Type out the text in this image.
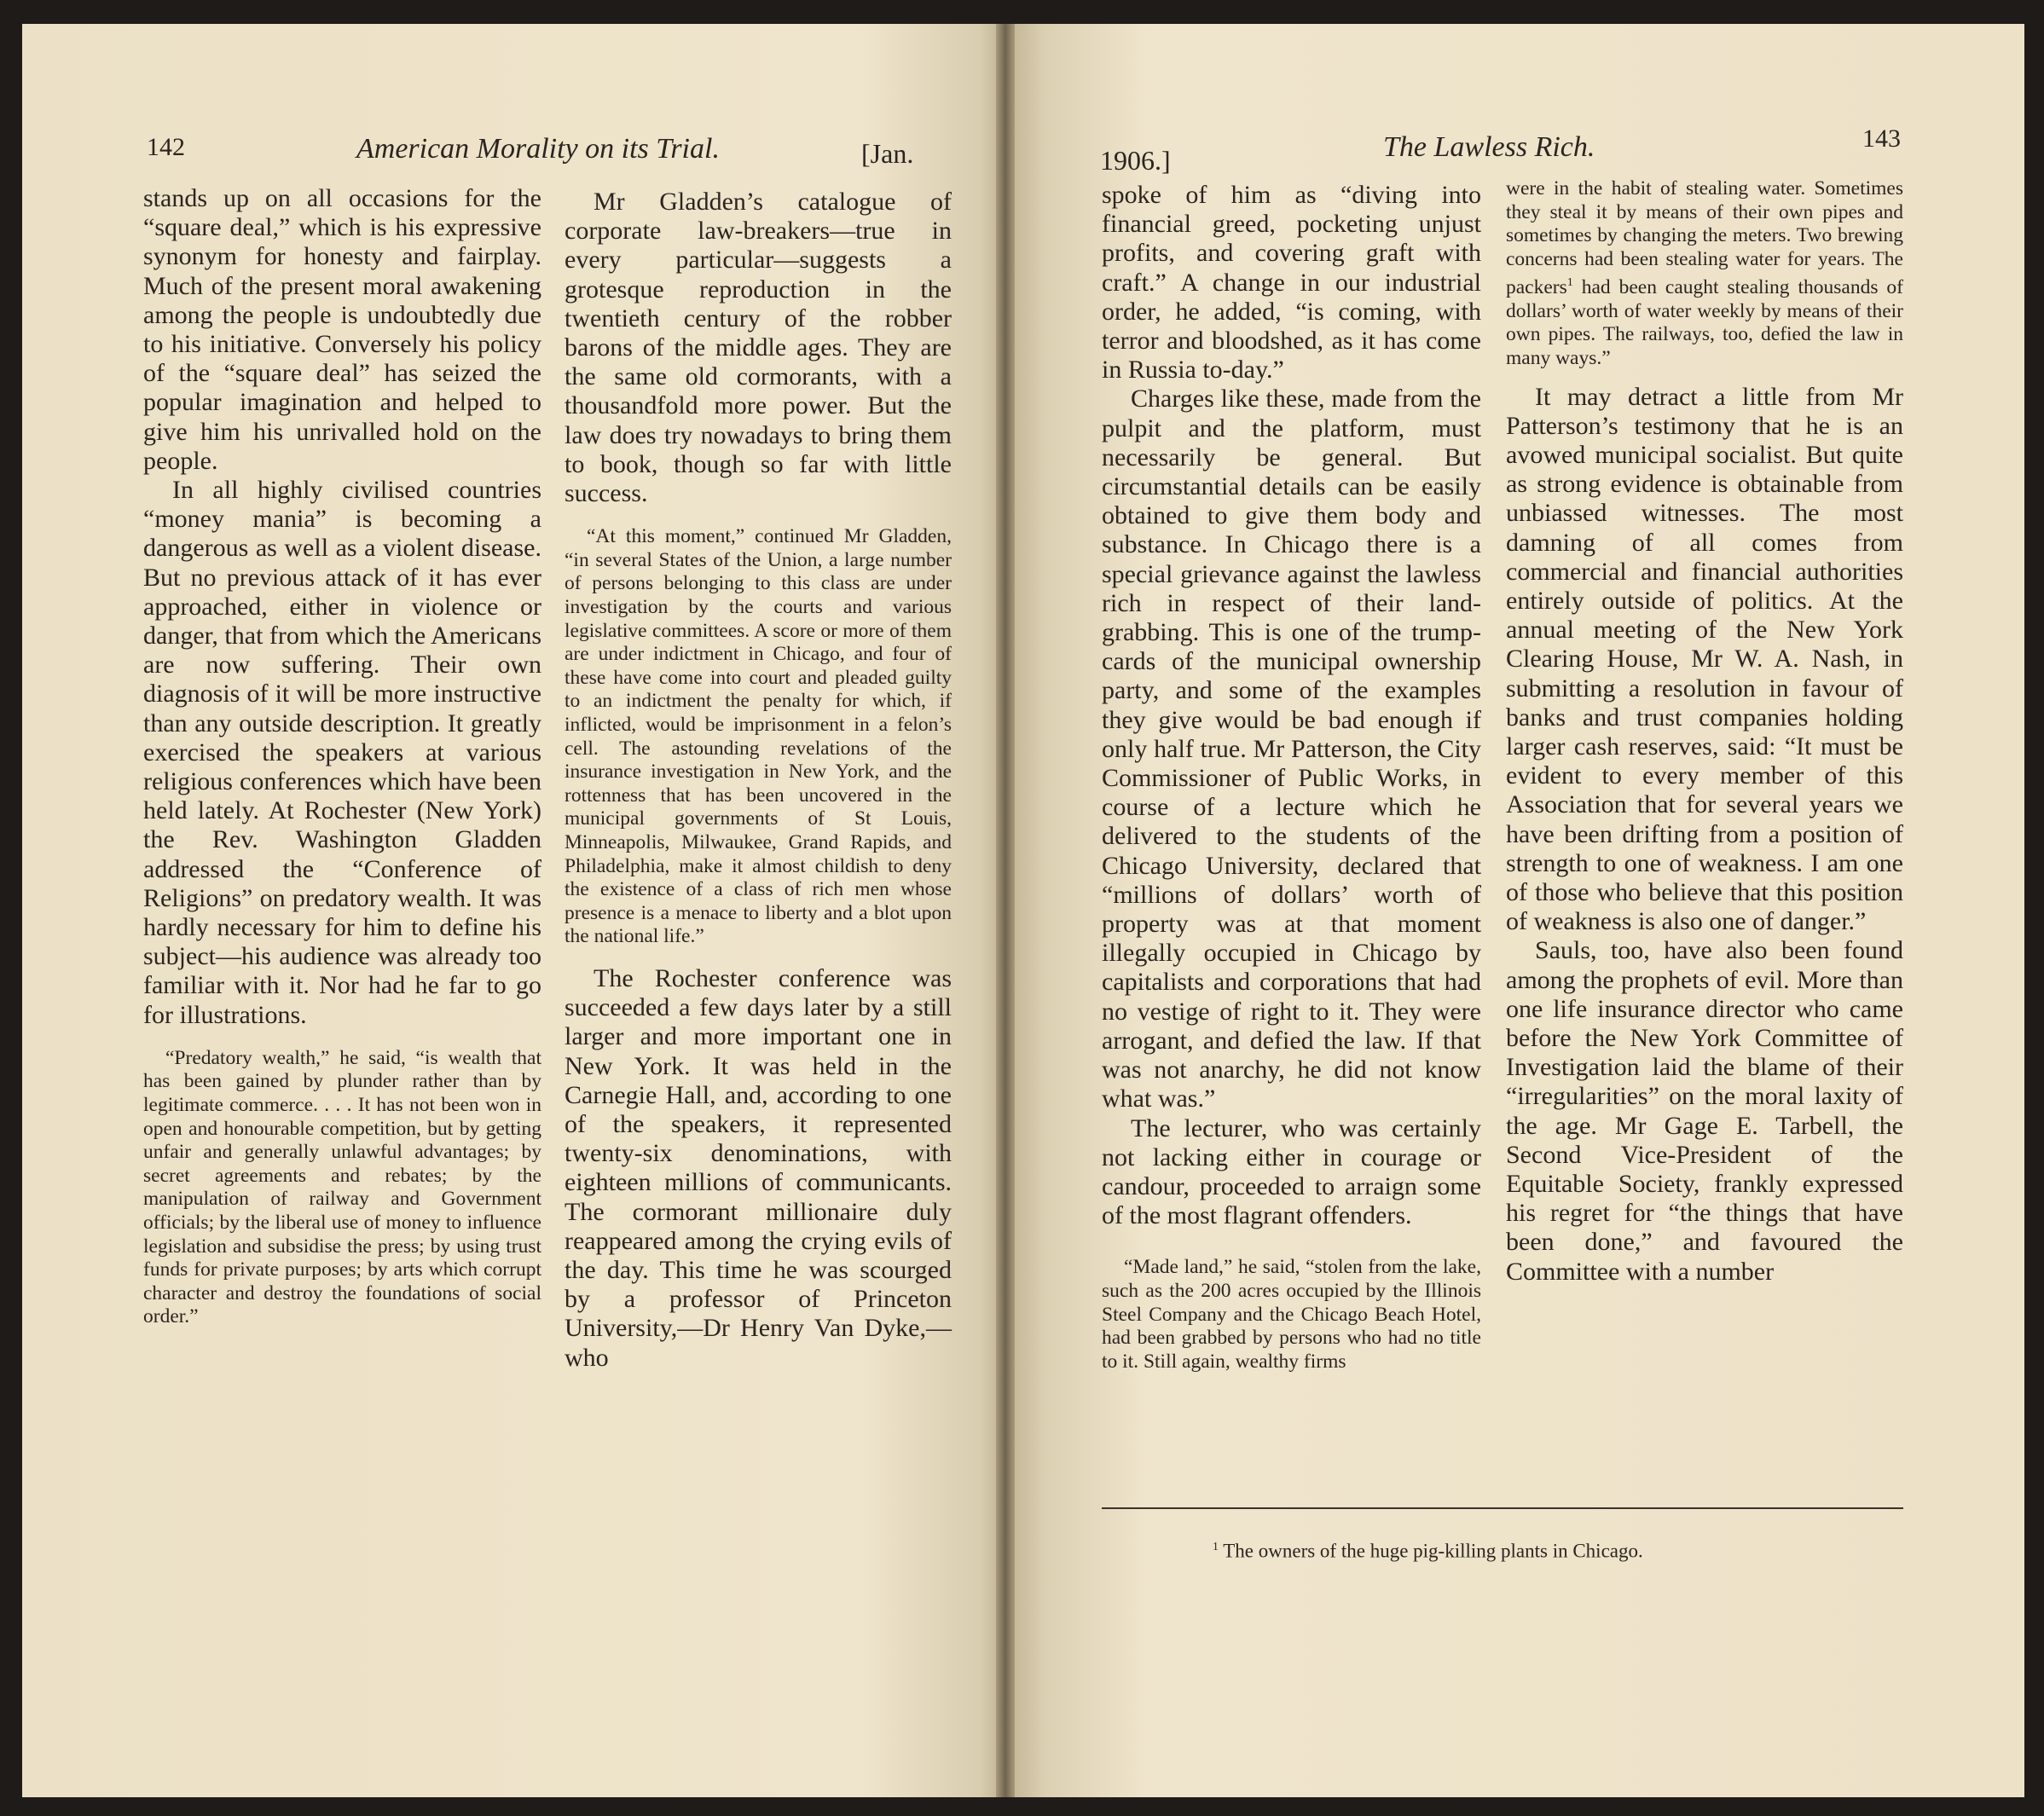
142	American Morality on its Trial.	[Jan.

stands up on all occasions for the “square deal,” which is his expressive synonym for honesty and fairplay. Much of the present moral awakening among the people is undoubtedly due to his initiative. Conversely his policy of the “square deal” has seized the popular imagination and helped to give him his unrivalled hold on the people.

In all highly civilised countries “money mania” is becoming a dangerous as well as a violent disease. But no previous attack of it has ever approached, either in violence or danger, that from which the Americans are now suffering. Their own diagnosis of it will be more instructive than any outside description. It greatly exercised the speakers at various religious conferences which have been held lately. At Rochester (New York) the Rev. Washington Gladden addressed the “Conference of Religions” on predatory wealth. It was hardly necessary for him to define his subject—his audience was already too familiar with it. Nor had he far to go for illustrations.

“Predatory wealth,” he said, “is wealth that has been gained by plunder rather than by legitimate commerce. . . . It has not been won in open and honourable competition, but by getting unfair and generally unlawful advantages; by secret agreements and rebates; by the manipulation of railway and Government officials; by the liberal use of money to influence legislation and subsidise the press; by using trust funds for private purposes; by arts which corrupt character and destroy the foundations of social order.”

Mr Gladden’s catalogue of corporate law-breakers—true in every particular—suggests a grotesque reproduction in the twentieth century of the robber barons of the middle ages. They are the same old cormorants, with a thousandfold more power. But the law does try nowadays to bring them to book, though so far with little success.

“At this moment,” continued Mr Gladden, “in several States of the Union, a large number of persons belonging to this class are under investigation by the courts and various legislative committees. A score or more of them are under indictment in Chicago, and four of these have come into court and pleaded guilty to an indictment the penalty for which, if inflicted, would be imprisonment in a felon’s cell. The astounding revelations of the insurance investigation in New York, and the rottenness that has been uncovered in the municipal governments of St Louis, Minneapolis, Milwaukee, Grand Rapids, and Philadelphia, make it almost childish to deny the existence of a class of rich men whose presence is a menace to liberty and a blot upon the national life.”

The Rochester conference was succeeded a few days later by a still larger and more important one in New York. It was held in the Carnegie Hall, and, according to one of the speakers, it represented twenty-six denominations, with eighteen millions of communicants. The cormorant millionaire duly reappeared among the crying evils of the day. This time he was scourged by a professor of Princeton University,—Dr Henry Van Dyke,—who

1906.]	The Lawless Rich.	143

spoke of him as “diving into financial greed, pocketing unjust profits, and covering graft with craft.” A change in our industrial order, he added, “is coming, with terror and bloodshed, as it has come in Russia to-day.”

Charges like these, made from the pulpit and the platform, must necessarily be general. But circumstantial details can be easily obtained to give them body and substance. In Chicago there is a special grievance against the lawless rich in respect of their land-grabbing. This is one of the trump-cards of the municipal ownership party, and some of the examples they give would be bad enough if only half true. Mr Patterson, the City Commissioner of Public Works, in course of a lecture which he delivered to the students of the Chicago University, declared that “millions of dollars’ worth of property was at that moment illegally occupied in Chicago by capitalists and corporations that had no vestige of right to it. They were arrogant, and defied the law. If that was not anarchy, he did not know what was.”

The lecturer, who was certainly not lacking either in courage or candour, proceeded to arraign some of the most flagrant offenders.

“Made land,” he said, “stolen from the lake, such as the 200 acres occupied by the Illinois Steel Company and the Chicago Beach Hotel, had been grabbed by persons who had no title to it. Still again, wealthy firms

were in the habit of stealing water. Sometimes they steal it by means of their own pipes and sometimes by changing the meters. Two brewing concerns had been stealing water for years. The packers$^1$ had been caught stealing thousands of dollars’ worth of water weekly by means of their own pipes. The railways, too, defied the law in many ways.”

It may detract a little from Mr Patterson’s testimony that he is an avowed municipal socialist. But quite as strong evidence is obtainable from unbiassed witnesses. The most damning of all comes from commercial and financial authorities entirely outside of politics. At the annual meeting of the New York Clearing House, Mr W. A. Nash, in submitting a resolution in favour of banks and trust companies holding larger cash reserves, said: “It must be evident to every member of this Association that for several years we have been drifting from a position of strength to one of weakness. I am one of those who believe that this position of weakness is also one of danger.”

Sauls, too, have also been found among the prophets of evil. More than one life insurance director who came before the New York Committee of Investigation laid the blame of their “irregularities” on the moral laxity of the age. Mr Gage E. Tarbell, the Second Vice-President of the Equitable Society, frankly expressed his regret for “the things that have been done,” and favoured the Committee with a number

$^1$ The owners of the huge pig-killing plants in Chicago.
